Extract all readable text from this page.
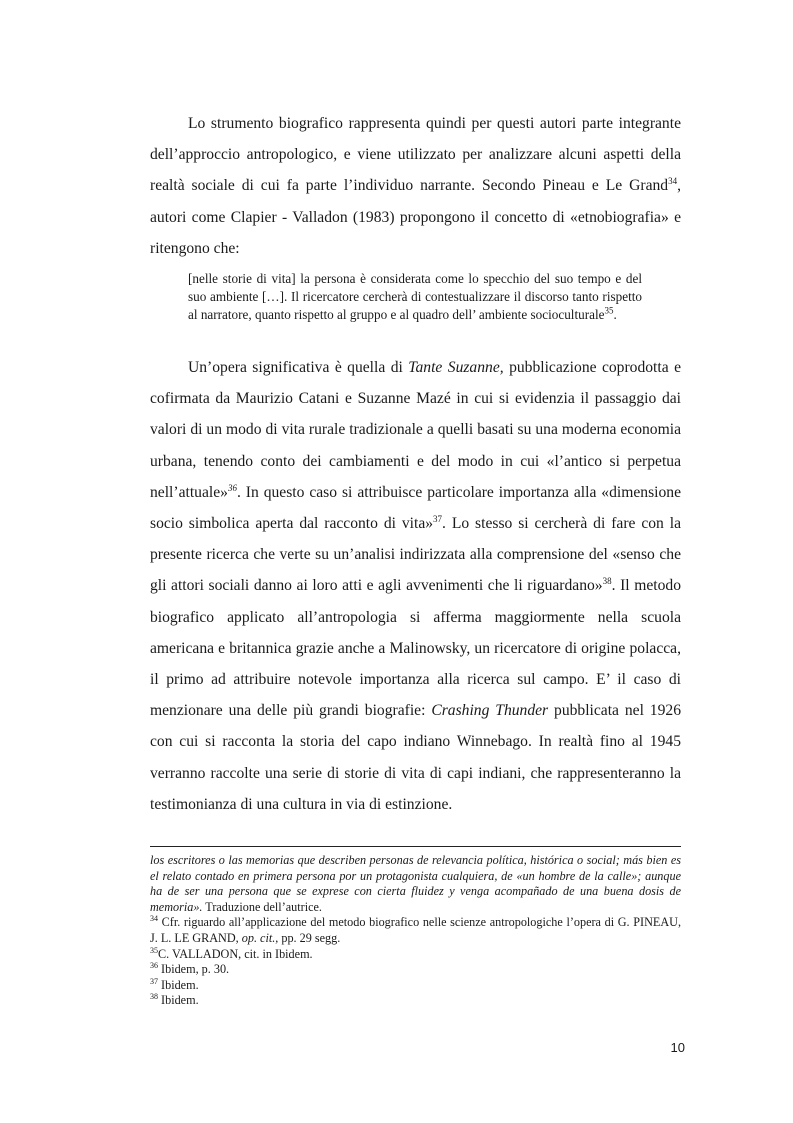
Lo strumento biografico rappresenta quindi per questi autori parte integrante dell’approccio antropologico, e viene utilizzato per analizzare alcuni aspetti della realtà sociale di cui fa parte l’individuo narrante. Secondo Pineau e Le Grand$^{34}$, autori come Clapier - Valladon (1983) propongono il concetto di «etnobiografia» e ritengono che:

[nelle storie di vita] la persona è considerata come lo specchio del suo tempo e del suo ambiente […]. Il ricercatore cercherà di contestualizzare il discorso tanto rispetto al narratore, quanto rispetto al gruppo e al quadro dell’ ambiente socioculturale$^{35}$.

Un’opera significativa è quella di Tante Suzanne, pubblicazione coprodotta e cofirmata da Maurizio Catani e Suzanne Mazé in cui si evidenzia il passaggio dai valori di un modo di vita rurale tradizionale a quelli basati su una moderna economia urbana, tenendo conto dei cambiamenti e del modo in cui «l’antico si perpetua nell’attuale»$^{36}$. In questo caso si attribuisce particolare importanza alla «dimensione socio simbolica aperta dal racconto di vita»$^{37}$. Lo stesso si cercherà di fare con la presente ricerca che verte su un’analisi indirizzata alla comprensione del «senso che gli attori sociali danno ai loro atti e agli avvenimenti che li riguardano»$^{38}$. Il metodo biografico applicato all’antropologia si afferma maggiormente nella scuola americana e britannica grazie anche a Malinowsky, un ricercatore di origine polacca, il primo ad attribuire notevole importanza alla ricerca sul campo. E’ il caso di menzionare una delle più grandi biografie: Crashing Thunder pubblicata nel 1926 con cui si racconta la storia del capo indiano Winnebago. In realtà fino al 1945 verranno raccolte una serie di storie di vita di capi indiani, che rappresenteranno la testimonianza di una cultura in via di estinzione.

los escritores o las memorias que describen personas de relevancia política, histórica o social; más bien es el relato contado en primera persona por un protagonista cualquiera, de «un hombre de la calle»; aunque ha de ser una persona que se exprese con cierta fluidez y venga acompañado de una buena dosis de memoria». Traduzione dell’autrice.
$^{34}$ Cfr. riguardo all’applicazione del metodo biografico nelle scienze antropologiche l’opera di G. PINEAU, J. L. LE GRAND, op. cit., pp. 29 segg.
$^{35}$C. VALLADON, cit. in Ibidem.
$^{36}$ Ibidem, p. 30.
$^{37}$ Ibidem.
$^{38}$ Ibidem.
10
